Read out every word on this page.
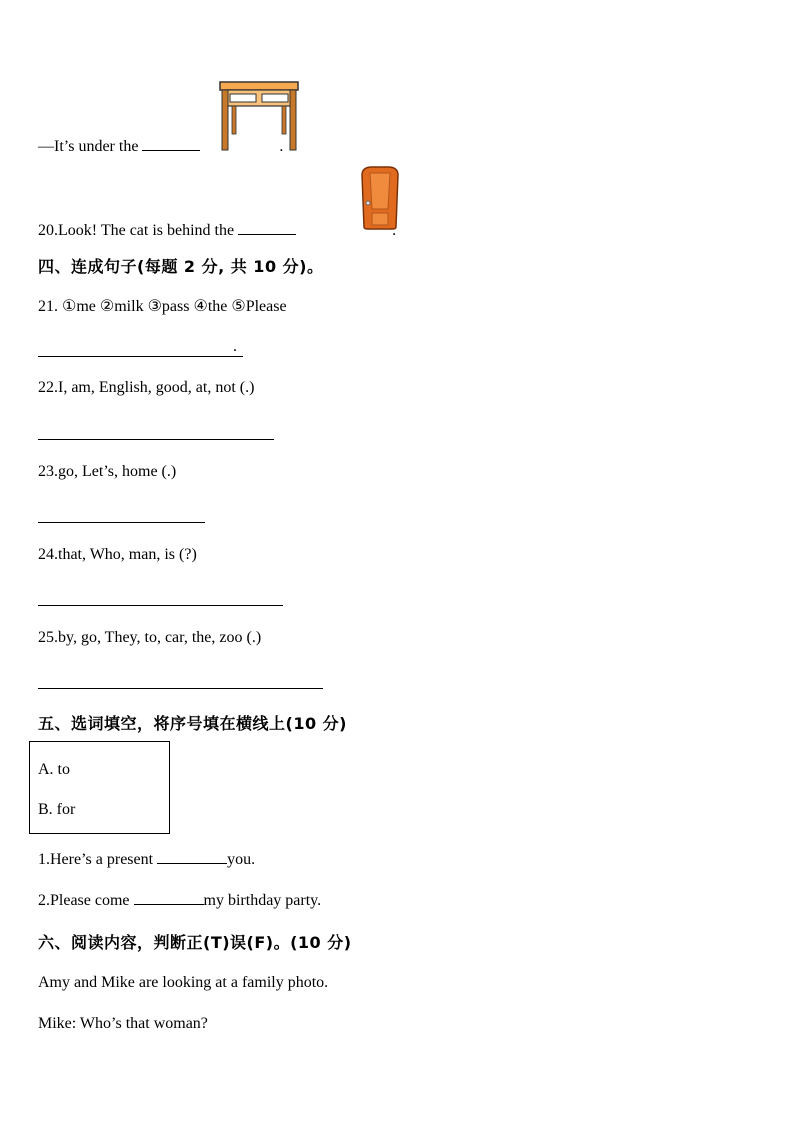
—It’s under the	.
20.Look! The cat is behind the	.
四、连成句子(每题 2 分, 共 10 分)。
21. ①me ②milk ③pass ④the ⑤Please
.
22.I, am, English, good, at, not (.)
23.go, Let’s, home (.)
24.that, Who, man, is (?)
25.by, go, They, to, car, the, zoo (.)
五、选词填空，将序号填在横线上(10 分)
A. to
B. for
1.Here’s a present	you.
2.Please come	my birthday party.
六、阅读内容，判断正(T)误(F)。(10 分)
Amy and Mike are looking at a family photo.
Mike: Who’s that woman?
